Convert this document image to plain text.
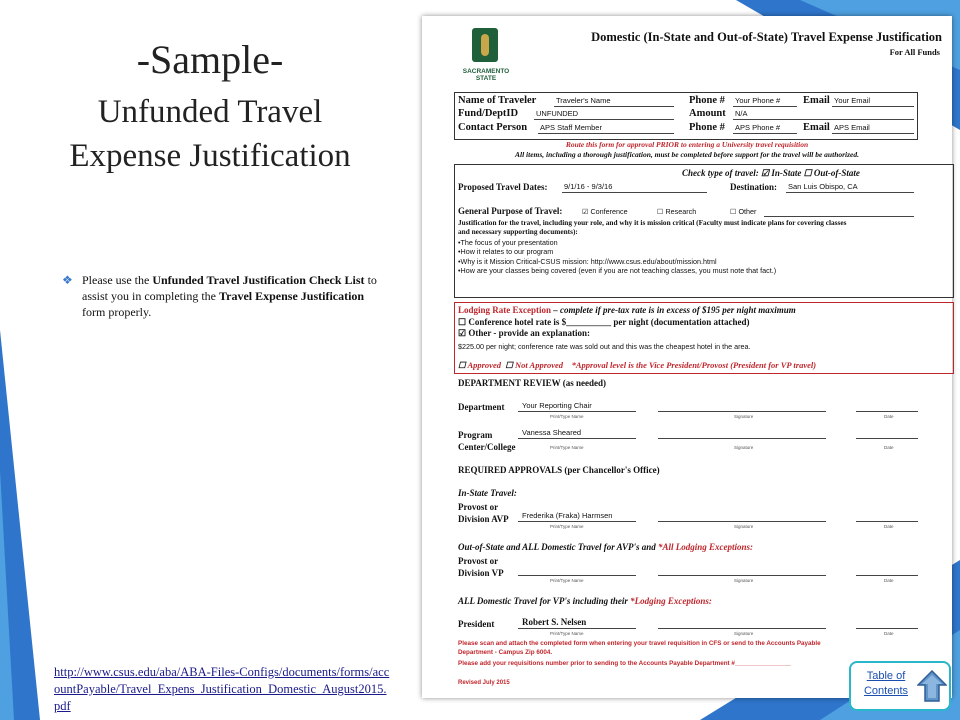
-Sample-
Unfunded Travel
Expense Justification
❖ Please use the Unfunded Travel Justification Check List to assist you in completing the Travel Expense Justification form properly.
http://www.csus.edu/aba/ABA-Files-Configs/documents/forms/accountPayable/Travel_Expens_Justification_Domestic_August2015.pdf
SACRAMENTO
STATE
Domestic (In-State and Out-of-State) Travel Expense Justification
For All Funds
Name of Traveler	Traveler's Name	Phone # Your Phone #	Email Your Email
Fund/DeptID UNFUNDED	Amount N/A
Contact Person APS Staff Member	Phone # APS Phone #	Email APS Email
Route this form for approval PRIOR to entering a University travel requisition
All items, including a thorough justification, must be completed before support for the travel will be authorized.
Check type of travel: ☑ In-State ☐ Out-of-State
Proposed Travel Dates: 9/1/16 - 9/3/16	Destination: San Luis Obispo, CA
General Purpose of Travel:	☑ Conference	☐ Research	☐ Other
Justification for the travel, including your role, and why it is mission critical (Faculty must indicate plans for covering classes
and necessary supporting documents):
•The focus of your presentation
•How it relates to our program
•Why is it Mission Critical-CSUS mission: http://www.csus.edu/about/mission.html
•How are your classes being covered (even if you are not teaching classes, you must note that fact.)
Lodging Rate Exception – complete if pre-tax rate is in excess of $195 per night maximum
☐ Conference hotel rate is $__________ per night (documentation attached)
☑ Other - provide an explanation:
$225.00 per night; conference rate was sold out and this was the cheapest hotel in the area.
☐ Approved ☐ Not Approved *Approval level is the Vice President/Provost (President for VP travel)
DEPARTMENT REVIEW (as needed)
Department Your Reporting Chair
Print/Type Name	Signature	Date
Program
Center/College
Vanessa Sheared
Print/Type Name	Signature	Date
REQUIRED APPROVALS (per Chancellor's Office)
In-State Travel:
Provost or
Division AVP Frederika (Fraka) Harmsen
Print/Type Name	Signature	Date
Out-of-State and ALL Domestic Travel for AVP's and *All Lodging Exceptions:
Provost or
Division VP
Print/Type Name	Signature	Date
ALL Domestic Travel for VP's including their *Lodging Exceptions:
President	Robert S. Nelsen
Print/Type Name	Signature	Date
Please scan and attach the completed form when entering your travel requisition in CFS or send to the Accounts Payable
Department - Campus Zip 6004.
Please add your requisitions number prior to sending to the Accounts Payable Department #________________
Revised July 2015
Table of
Contents
